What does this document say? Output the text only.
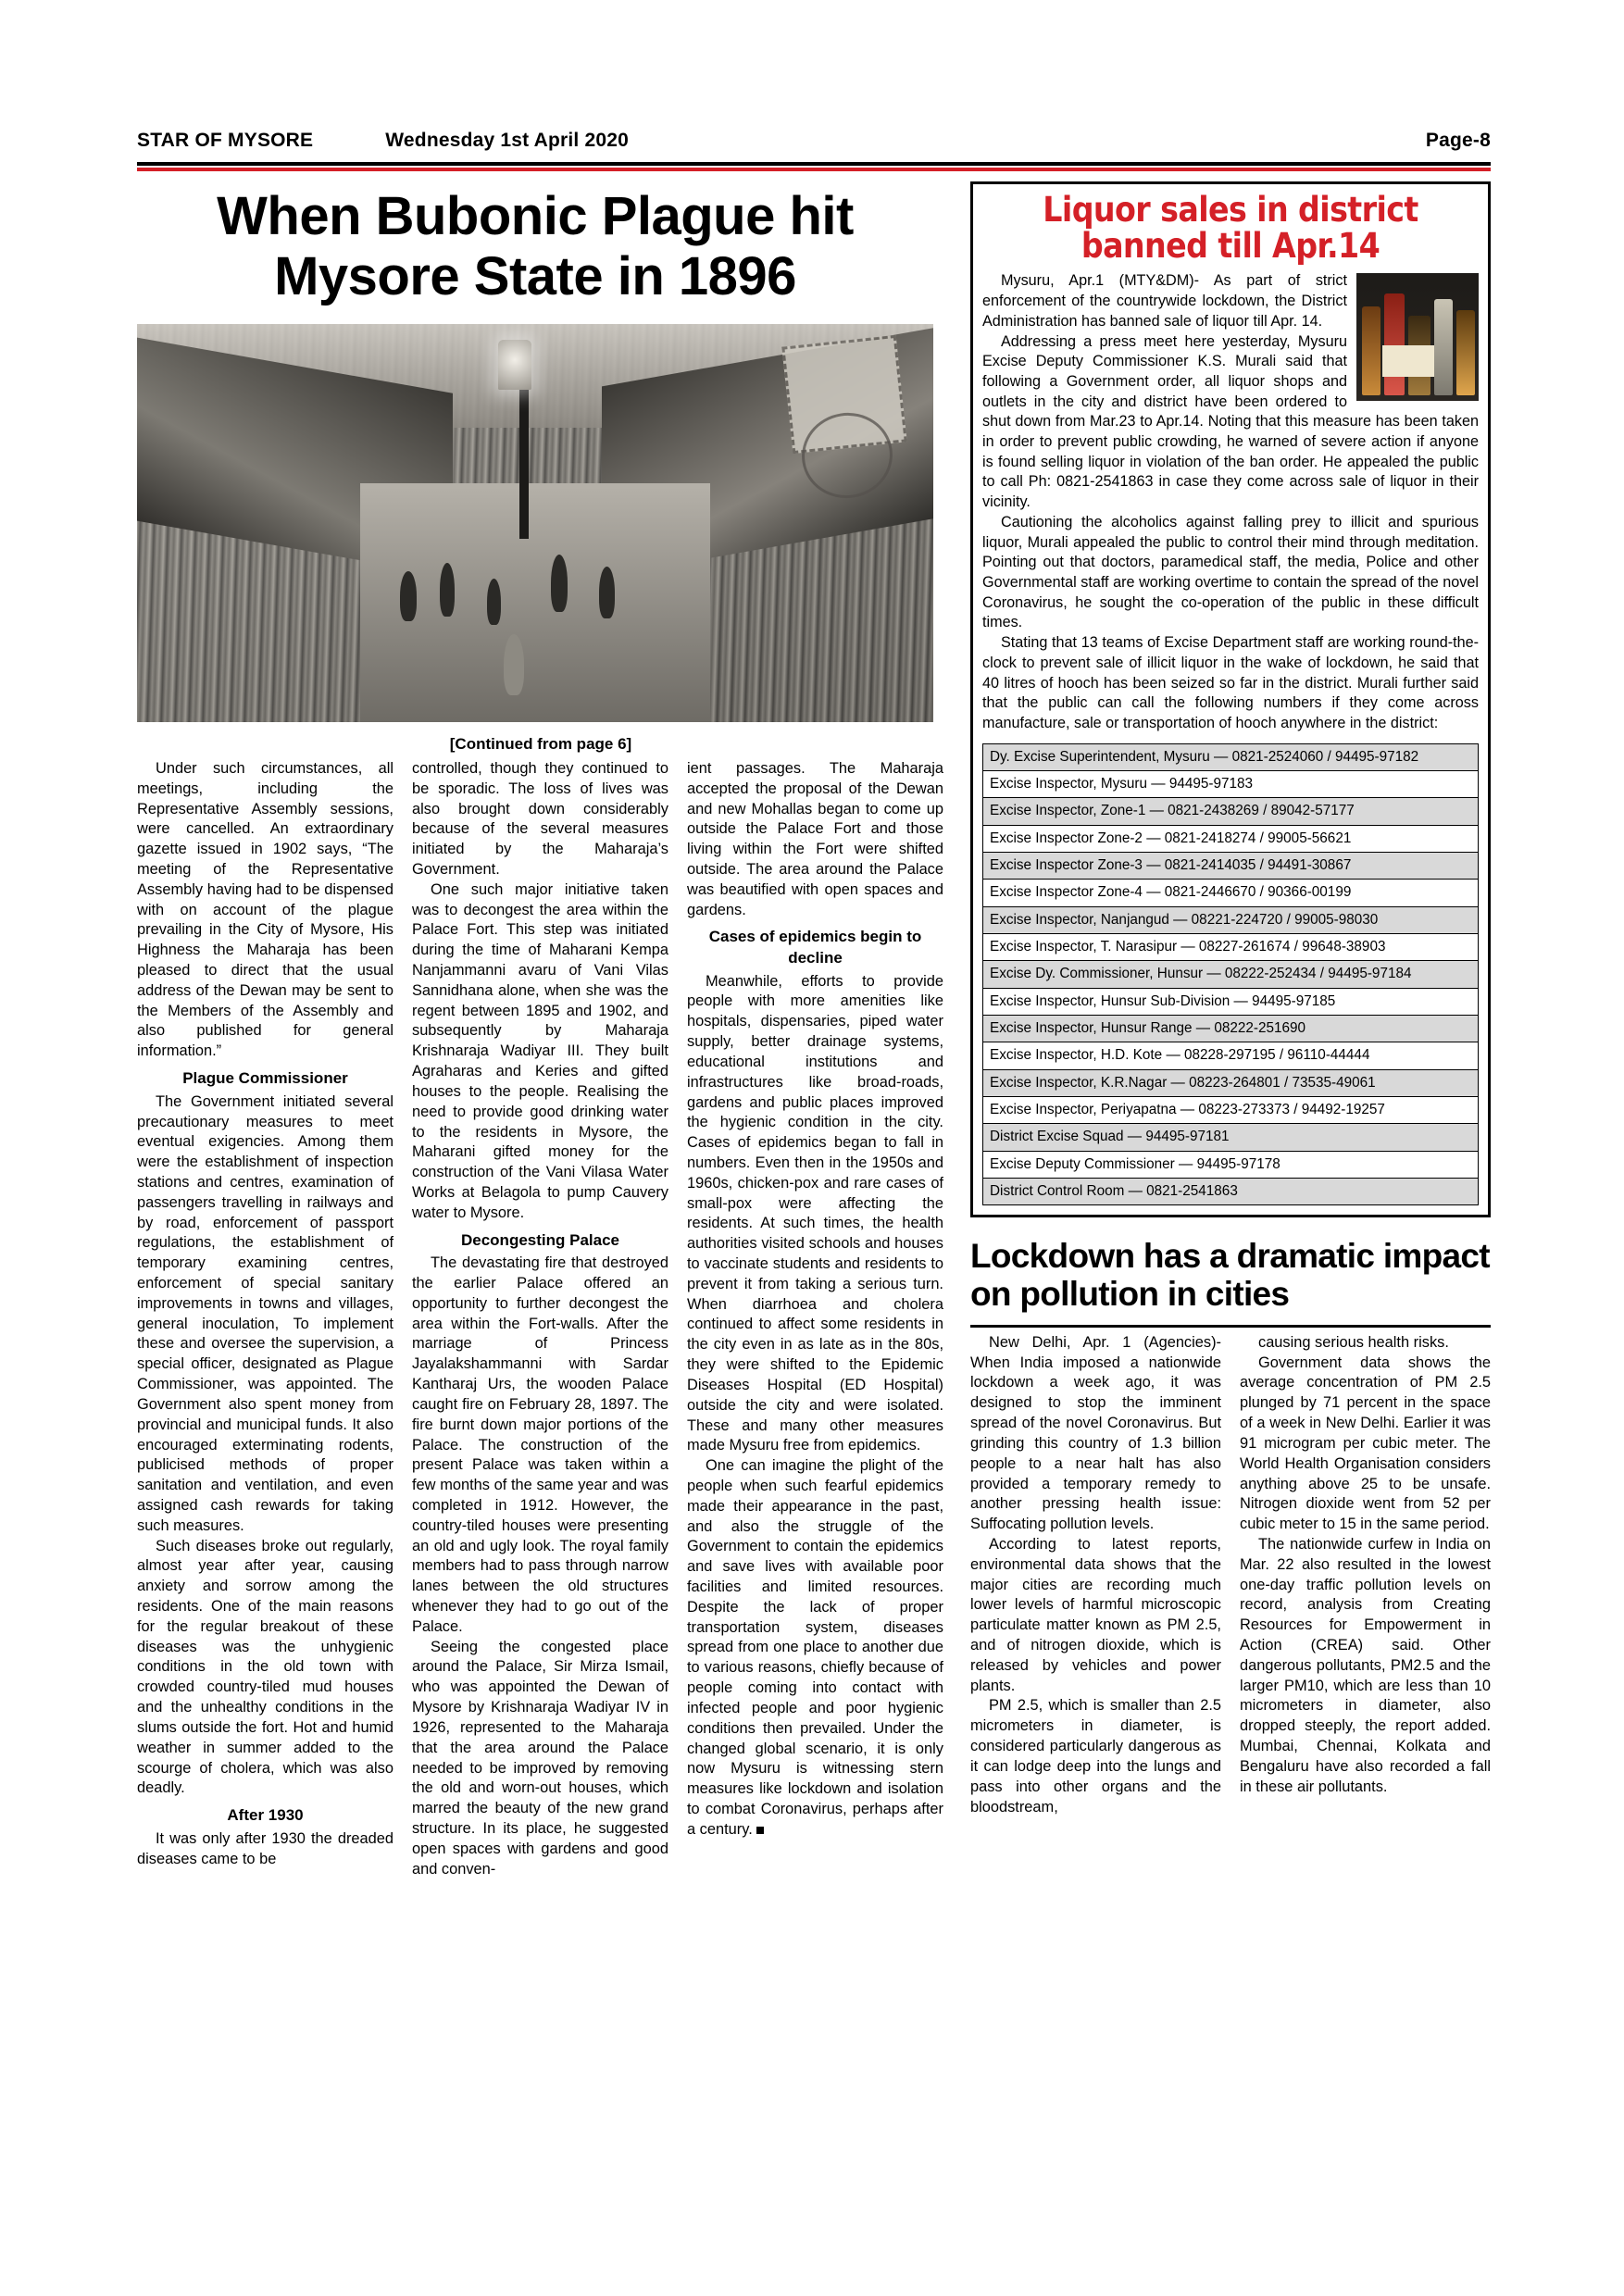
STAR OF MYSORE	Wednesday 1st April 2020	Page-8
When Bubonic Plague hit Mysore State in 1896
[Continued from page 6]

Under such circumstances, all meetings, including the Representative Assembly sessions, were cancelled. An extraordinary gazette issued in 1902 says, “The meeting of the Representative Assembly having had to be dispensed with on account of the plague prevailing in the City of Mysore, His Highness the Maharaja has been pleased to direct that the usual address of the Dewan may be sent to the Members of the Assembly and also published for general information.”

Plague Commissioner

The Government initiated several precautionary measures to meet eventual exigencies. Among them were the establishment of inspection stations and centres, examination of passengers travelling in railways and by road, enforcement of passport regulations, the establishment of temporary examining centres, enforcement of special sanitary improvements in towns and villages, general inoculation, To implement these and oversee the supervision, a special officer, designated as Plague Commissioner, was appointed. The Government also spent money from provincial and municipal funds. It also encouraged exterminating rodents, publicised methods of proper sanitation and ventilation, and even assigned cash rewards for taking such measures.

Such diseases broke out regularly, almost year after year, causing anxiety and sorrow among the residents. One of the main reasons for the regular breakout of these diseases was the unhygienic conditions in the old town with crowded country-tiled mud houses and the unhealthy conditions in the slums outside the fort. Hot and humid weather in summer added to the scourge of cholera, which was also deadly.

After 1930

It was only after 1930 the dreaded diseases came to be

controlled, though they continued to be sporadic. The loss of lives was also brought down considerably because of the several measures initiated by the Maharaja’s Government.

One such major initiative taken was to decongest the area within the Palace Fort. This step was initiated during the time of Maharani Kempa Nanjammanni avaru of Vani Vilas Sannidhana alone, when she was the regent between 1895 and 1902, and subsequently by Maharaja Krishnaraja Wadiyar III. They built Agraharas and Keries and gifted houses to the people. Realising the need to provide good drinking water to the residents in Mysore, the Maharani gifted money for the construction of the Vani Vilasa Water Works at Belagola to pump Cauvery water to Mysore.

Decongesting Palace

The devastating fire that destroyed the earlier Palace offered an opportunity to further decongest the area within the Fort-walls. After the marriage of Princess Jayalakshammanni with Sardar Kantharaj Urs, the wooden Palace caught fire on February 28, 1897. The fire burnt down major portions of the Palace. The construction of the present Palace was taken within a few months of the same year and was completed in 1912. However, the country-tiled houses were presenting an old and ugly look. The royal family members had to pass through narrow lanes between the old structures whenever they had to go out of the Palace.

Seeing the congested place around the Palace, Sir Mirza Ismail, who was appointed the Dewan of Mysore by Krishnaraja Wadiyar IV in 1926, represented to the Maharaja that the area around the Palace needed to be improved by removing the old and worn-out houses, which marred the beauty of the new grand structure. In its place, he suggested open spaces with gardens and good and conven-

ient passages. The Maharaja accepted the proposal of the Dewan and new Mohallas began to come up outside the Palace Fort and those living within the Fort were shifted outside. The area around the Palace was beautified with open spaces and gardens.

Cases of epidemics begin to decline

Meanwhile, efforts to provide people with more amenities like hospitals, dispensaries, piped water supply, better drainage systems, educational institutions and infrastructures like broad-roads, gardens and public places improved the hygienic condition in the city. Cases of epidemics began to fall in numbers. Even then in the 1950s and 1960s, chicken-pox and rare cases of small-pox were affecting the residents. At such times, the health authorities visited schools and houses to vaccinate students and residents to prevent it from taking a serious turn. When diarrhoea and cholera continued to affect some residents in the city even in as late as in the 80s, they were shifted to the Epidemic Diseases Hospital (ED Hospital) outside the city and were isolated. These and many other measures made Mysuru free from epidemics.

One can imagine the plight of the people when such fearful epidemics made their appearance in the past, and also the struggle of the Government to contain the epidemics and save lives with available poor facilities and limited resources. Despite the lack of proper transportation system, diseases spread from one place to another due to various reasons, chiefly because of people coming into contact with infected people and poor hygienic conditions then prevailed. Under the changed global scenario, it is only now Mysuru is witnessing stern measures like lockdown and isolation to combat Coronavirus, perhaps after a century.

Liquor sales in district banned till Apr.14

Mysuru, Apr.1 (MTY&DM)- As part of strict enforcement of the countrywide lockdown, the District Administration has banned sale of liquor till Apr. 14.

Addressing a press meet here yesterday, Mysuru Excise Deputy Commissioner K.S. Murali said that following a Government order, all liquor shops and outlets in the city and district have been ordered to shut down from Mar.23 to Apr.14. Noting that this measure has been taken in order to prevent public crowding, he warned of severe action if anyone is found selling liquor in violation of the ban order. He appealed the public to call Ph: 0821-2541863 in case they come across sale of liquor in their vicinity.

Cautioning the alcoholics against falling prey to illicit and spurious liquor, Murali appealed the public to control their mind through meditation. Pointing out that doctors, paramedical staff, the media, Police and other Governmental staff are working overtime to contain the spread of the novel Coronavirus, he sought the co-operation of the public in these difficult times.

Stating that 13 teams of Excise Department staff are working round-the-clock to prevent sale of illicit liquor in the wake of lockdown, he said that 40 litres of hooch has been seized so far in the district. Murali further said that the public can call the following numbers if they come across manufacture, sale or transportation of hooch anywhere in the district:

Dy. Excise Superintendent, Mysuru — 0821-2524060 / 94495-97182
Excise Inspector, Mysuru — 94495-97183
Excise Inspector, Zone-1 — 0821-2438269 / 89042-57177
Excise Inspector Zone-2 — 0821-2418274 / 99005-56621
Excise Inspector Zone-3 — 0821-2414035 / 94491-30867
Excise Inspector Zone-4 — 0821-2446670 / 90366-00199
Excise Inspector, Nanjangud — 08221-224720 / 99005-98030
Excise Inspector, T. Narasipur — 08227-261674 / 99648-38903
Excise Dy. Commissioner, Hunsur — 08222-252434 / 94495-97184
Excise Inspector, Hunsur Sub-Division — 94495-97185
Excise Inspector, Hunsur Range — 08222-251690
Excise Inspector, H.D. Kote — 08228-297195 / 96110-44444
Excise Inspector, K.R.Nagar — 08223-264801 / 73535-49061
Excise Inspector, Periyapatna — 08223-273373 / 94492-19257
District Excise Squad — 94495-97181
Excise Deputy Commissioner — 94495-97178
District Control Room — 0821-2541863
Lockdown has a dramatic impact on pollution in cities

New Delhi, Apr. 1 (Agencies)- When India imposed a nationwide lockdown a week ago, it was designed to stop the imminent spread of the novel Coronavirus. But grinding this country of 1.3 billion people to a near halt has also provided a temporary remedy to another pressing health issue: Suffocating pollution levels.

According to latest reports, environmental data shows that the major cities are recording much lower levels of harmful microscopic particulate matter known as PM 2.5, and of nitrogen dioxide, which is released by vehicles and power plants.

PM 2.5, which is smaller than 2.5 micrometers in diameter, is considered particularly dangerous as it can lodge deep into the lungs and pass into other organs and the bloodstream,

causing serious health risks.

Government data shows the average concentration of PM 2.5 plunged by 71 percent in the space of a week in New Delhi. Earlier it was 91 microgram per cubic meter. The World Health Organisation considers anything above 25 to be unsafe. Nitrogen dioxide went from 52 per cubic meter to 15 in the same period.

The nationwide curfew in India on Mar. 22 also resulted in the lowest one-day traffic pollution levels on record, analysis from Creating Resources for Empowerment in Action (CREA) said. Other dangerous pollutants, PM2.5 and the larger PM10, which are less than 10 micrometers in diameter, also dropped steeply, the report added. Mumbai, Chennai, Kolkata and Bengaluru have also recorded a fall in these air pollutants.
